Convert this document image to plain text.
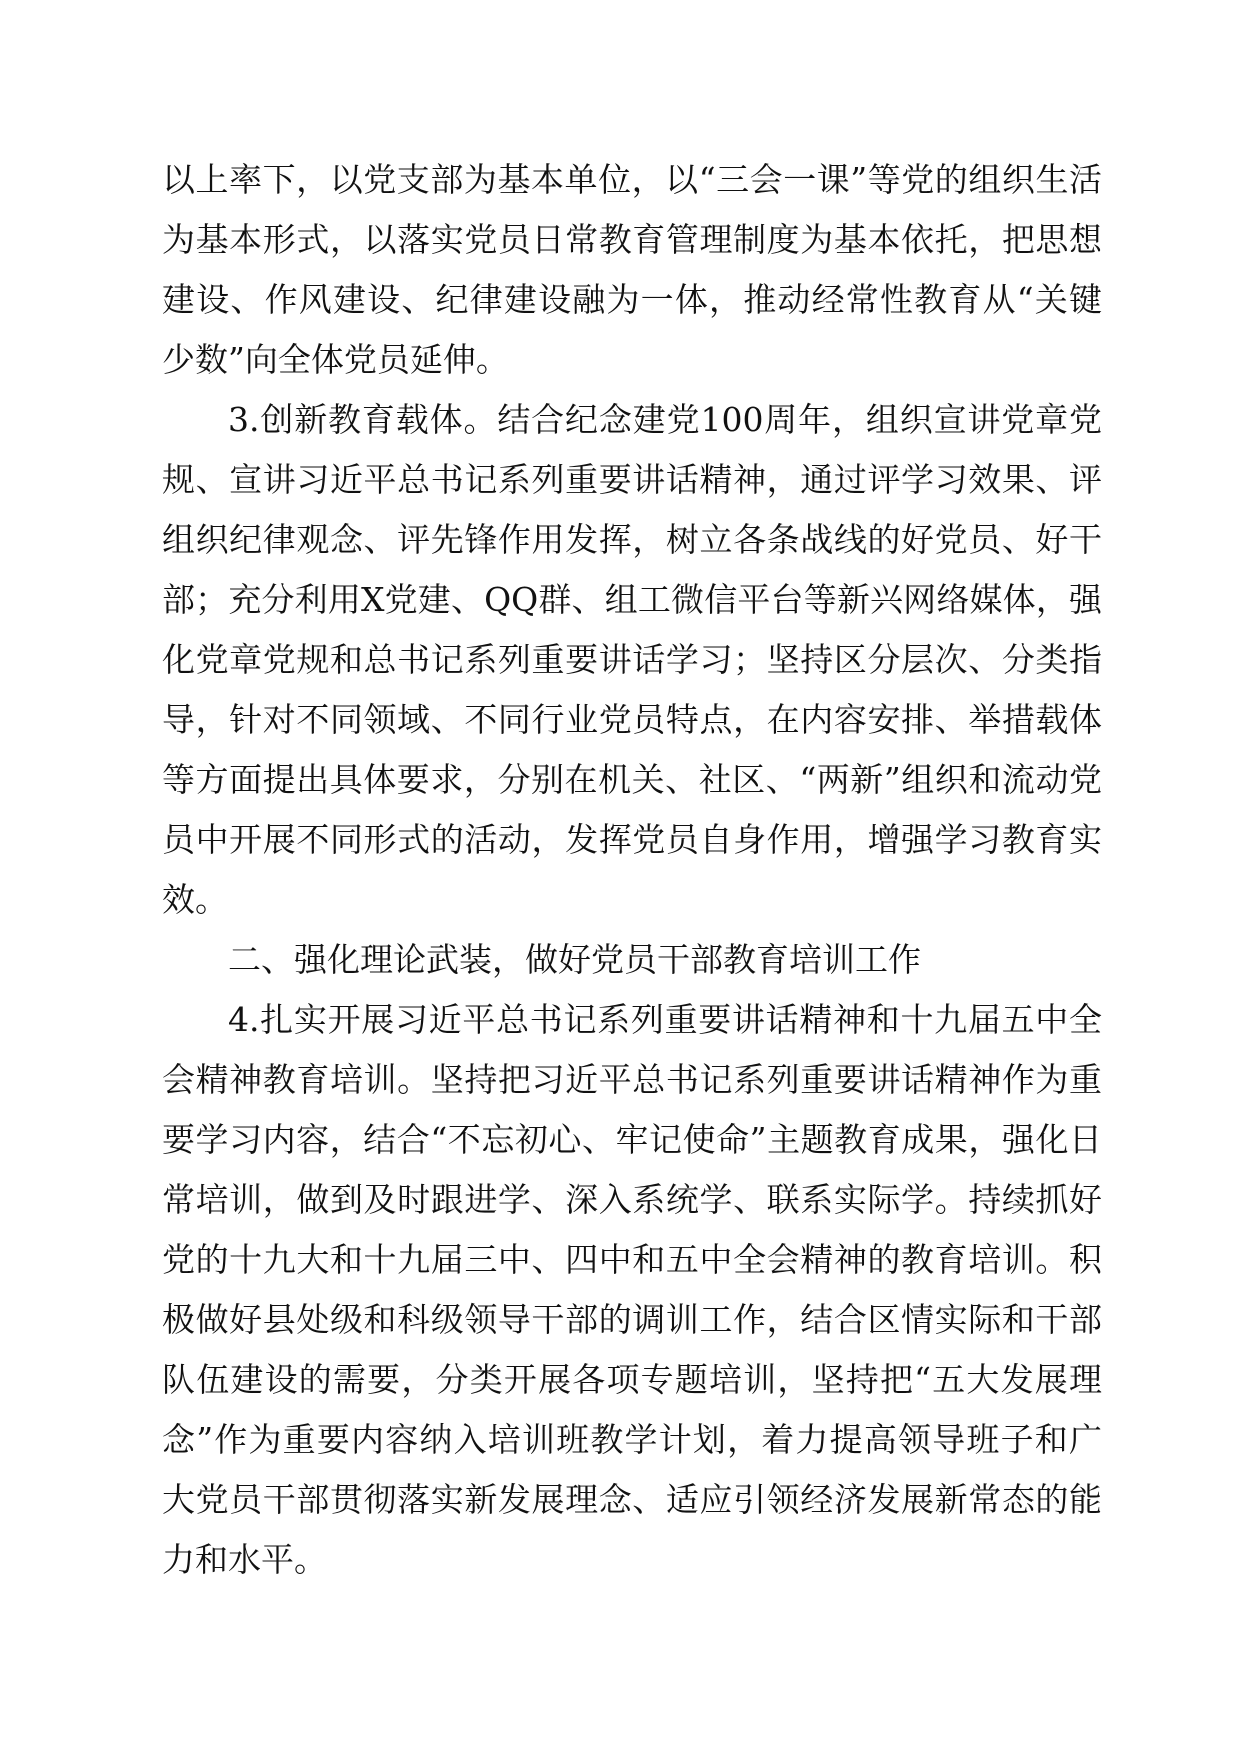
以上率下，以党支部为基本单位，以“三会一课”等党的组织生活为基本形式，以落实党员日常教育管理制度为基本依托，把思想建设、作风建设、纪律建设融为一体，推动经常性教育从“关键少数”向全体党员延伸。

3.创新教育载体。结合纪念建党100周年，组织宣讲党章党规、宣讲习近平总书记系列重要讲话精神，通过评学习效果、评组织纪律观念、评先锋作用发挥，树立各条战线的好党员、好干部；充分利用X党建、QQ群、组工微信平台等新兴网络媒体，强化党章党规和总书记系列重要讲话学习；坚持区分层次、分类指导，针对不同领域、不同行业党员特点，在内容安排、举措载体等方面提出具体要求，分别在机关、社区、“两新”组织和流动党员中开展不同形式的活动，发挥党员自身作用，增强学习教育实效。

二、强化理论武装，做好党员干部教育培训工作

4.扎实开展习近平总书记系列重要讲话精神和十九届五中全会精神教育培训。坚持把习近平总书记系列重要讲话精神作为重要学习内容，结合“不忘初心、牢记使命”主题教育成果，强化日常培训，做到及时跟进学、深入系统学、联系实际学。持续抓好党的十九大和十九届三中、四中和五中全会精神的教育培训。积极做好县处级和科级领导干部的调训工作，结合区情实际和干部队伍建设的需要，分类开展各项专题培训，坚持把“五大发展理念”作为重要内容纳入培训班教学计划，着力提高领导班子和广大党员干部贯彻落实新发展理念、适应引领经济发展新常态的能力和水平。
